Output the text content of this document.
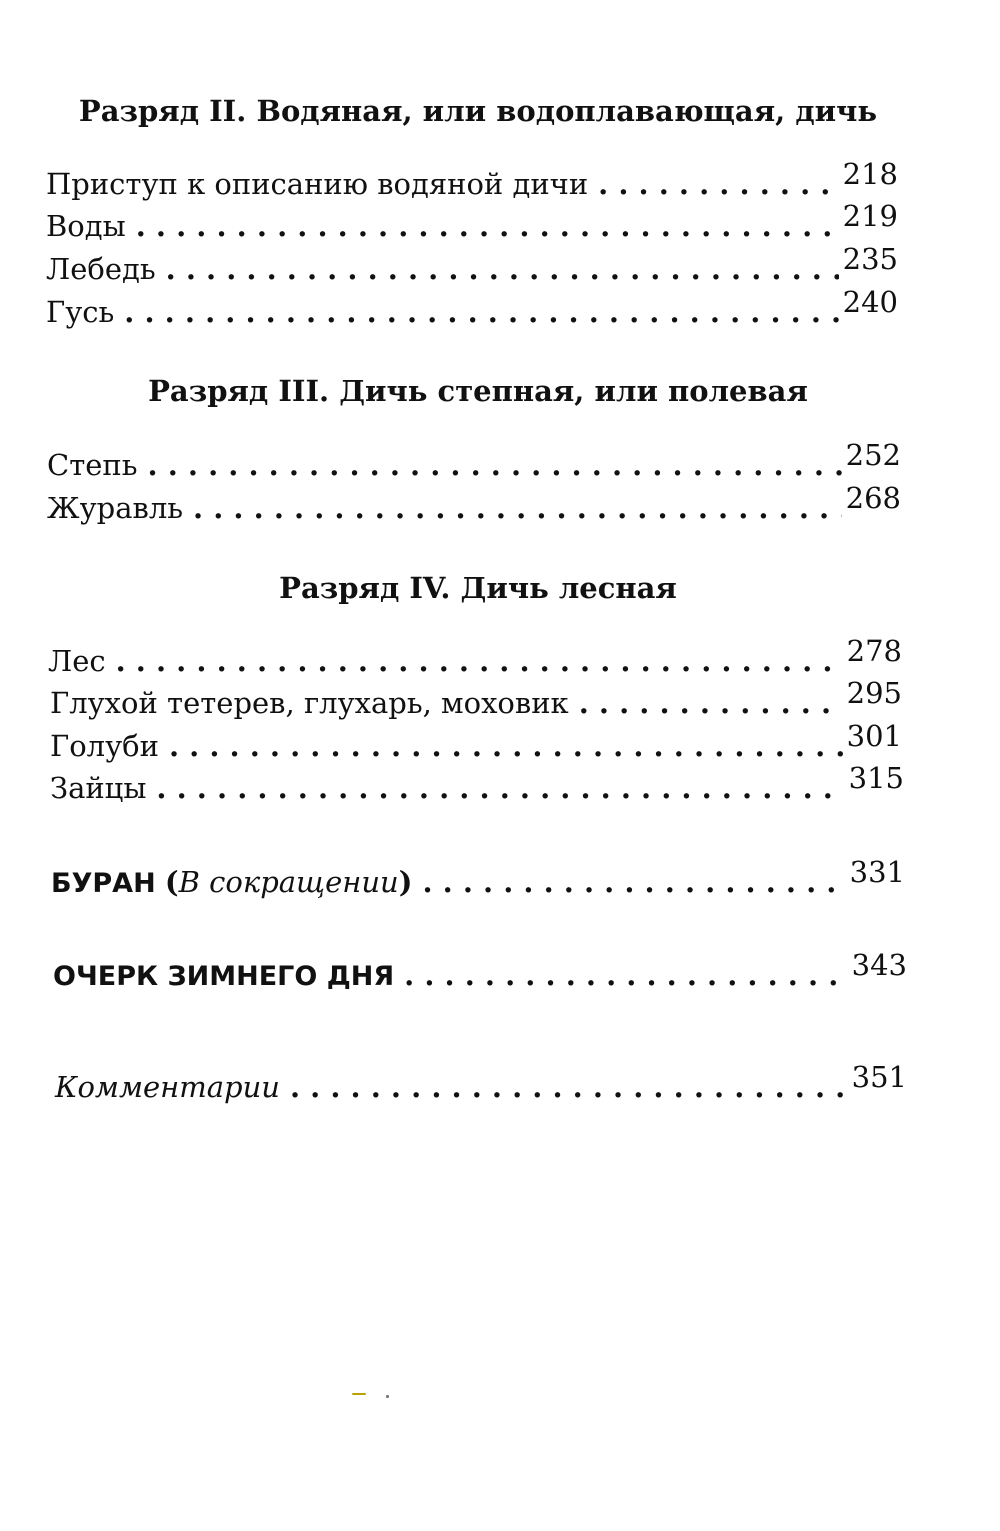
Разряд II. Водяная, или водоплавающая, дичь
Приступ к описанию водяной дичи . . .	218
Воды . . .	219
Лебедь . . .	235
Гусь . . .	240
Разряд III. Дичь степная, или полевая
Степь . . .	252
Журавль . . .	268
Разряд IV. Дичь лесная
Лес . . .	278
Глухой тетерев, глухарь, моховик . . .	295
Голуби . . .	301
Зайцы . . .	315
БУРАН (В сокращении) . . .	331
ОЧЕРК ЗИМНЕГО ДНЯ . . .	343
Комментарии . . .	351
